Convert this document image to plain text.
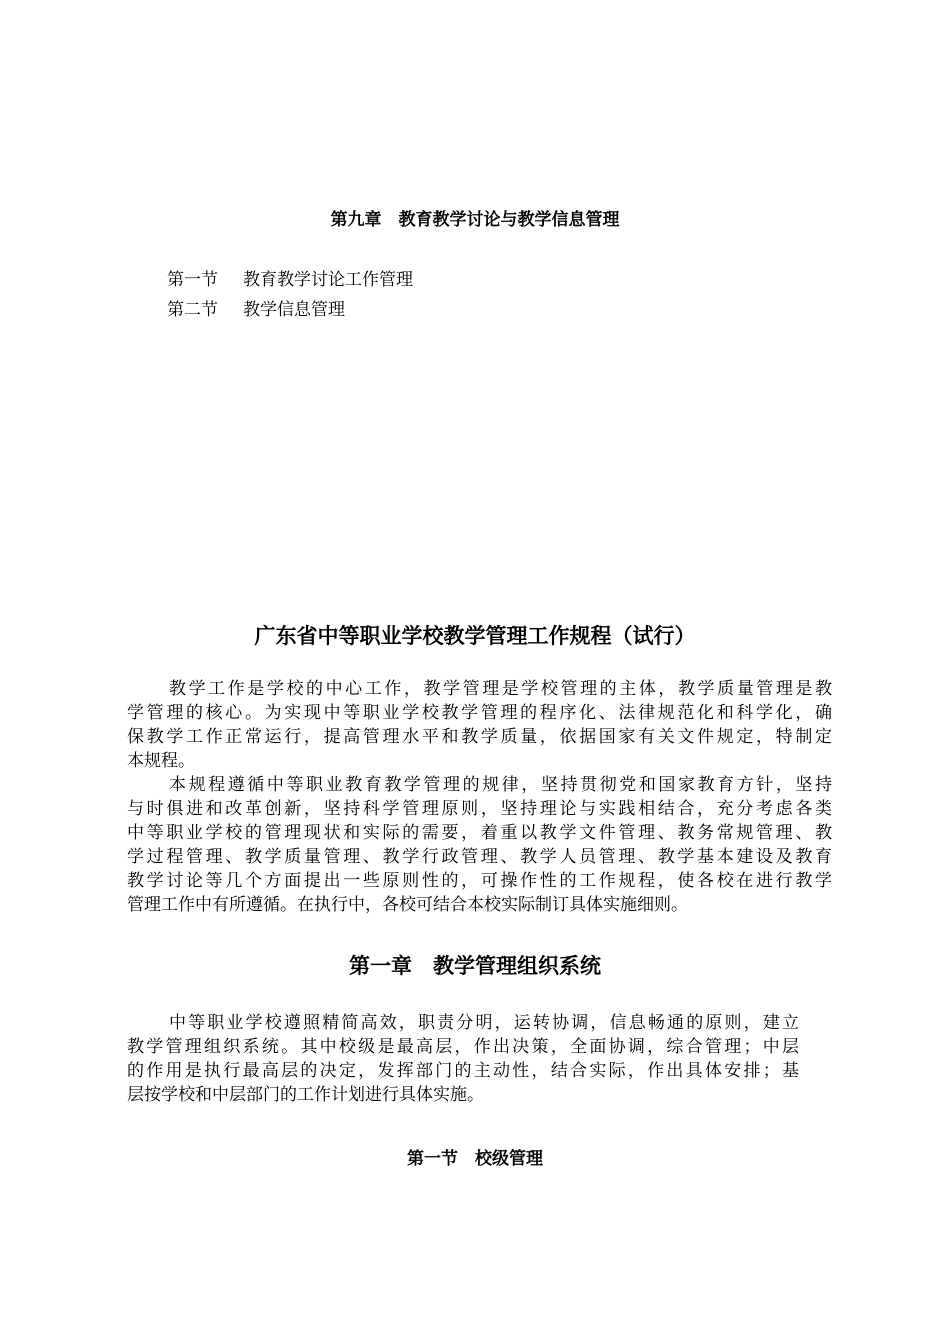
第九章　教育教学讨论与教学信息管理
第一节 教育教学讨论工作管理
第二节 教学信息管理
广东省中等职业学校教学管理工作规程（试行）
教学工作是学校的中心工作，教学管理是学校管理的主体，教学质量管理是教
学管理的核心。为实现中等职业学校教学管理的程序化、法律规范化和科学化，确
保教学工作正常运行，提高管理水平和教学质量，依据国家有关文件规定，特制定
本规程。
本规程遵循中等职业教育教学管理的规律，坚持贯彻党和国家教育方针，坚持
与时俱进和改革创新，坚持科学管理原则，坚持理论与实践相结合，充分考虑各类
中等职业学校的管理现状和实际的需要，着重以教学文件管理、教务常规管理、教
学过程管理、教学质量管理、教学行政管理、教学人员管理、教学基本建设及教育
教学讨论等几个方面提出一些原则性的，可操作性的工作规程，使各校在进行教学
管理工作中有所遵循。在执行中，各校可结合本校实际制订具体实施细则。
第一章　教学管理组织系统
中等职业学校遵照精简高效，职责分明，运转协调，信息畅通的原则，建立
教学管理组织系统。其中校级是最高层，作出决策，全面协调，综合管理；中层
的作用是执行最高层的决定，发挥部门的主动性，结合实际，作出具体安排；基
层按学校和中层部门的工作计划进行具体实施。
第一节　校级管理
